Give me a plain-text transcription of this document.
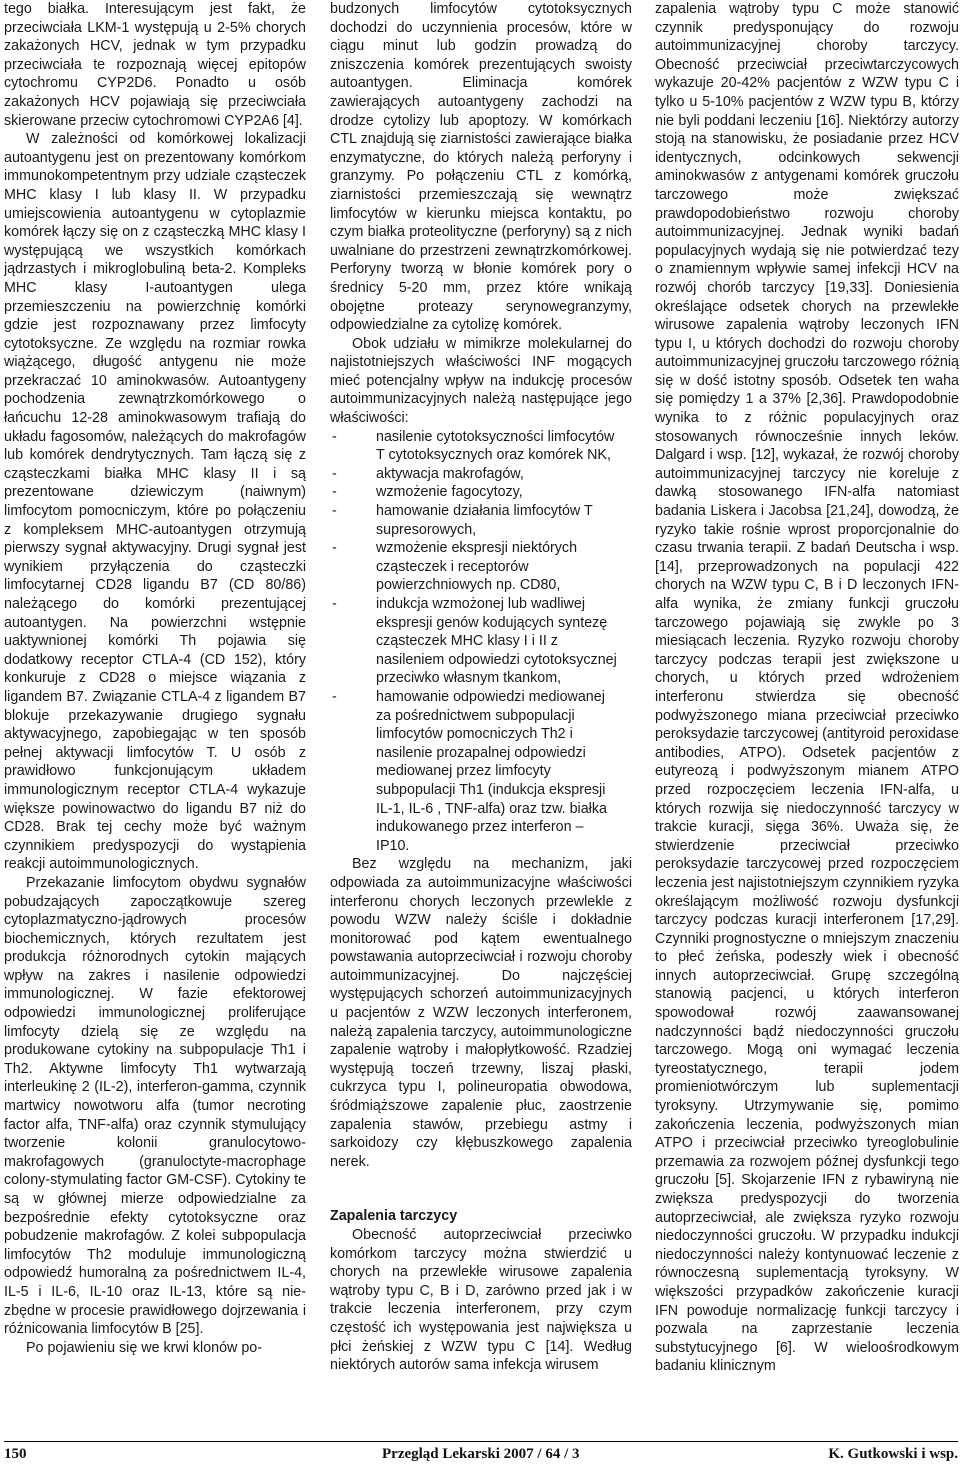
tego białka. Interesującym jest fakt, że przeciwciała LKM-1 występują u 2-5% chorych zakażonych HCV, jednak w tym przypadku przeciwciała te rozpoznają więcej epitopów cytochromu CYP2D6. Ponadto u osób zakażonych HCV pojawiają się przeciwciała skierowane przeciw cytochromowi CYP2A6 [4].

W zależności od komórkowej lokalizacji autoantygenu jest on prezentowany komórkom immunokompetentnym przy udziale cząsteczek MHC klasy I lub klasy II. W przypadku umiejscowienia autoantygenu w cytoplazmie komórek łączy się on z cząsteczką MHC klasy I występującą we wszystkich komórkach jądrzastych i mikroglobuliną beta-2. Kompleks MHC klasy I-autoantygen ulega przemieszczeniu na powierzchnię komórki gdzie jest rozpoznawany przez limfocyty cytotoksyczne. Ze względu na rozmiar rowka wiążącego, długość antygenu nie może przekraczać 10 aminokwasów. Autoantygeny pochodzenia zewnątrzkomórkowego o łańcuchu 12-28 aminokwasowym trafiają do układu fagosomów, należących do makrofagów lub komórek dendrytycznych. Tam łączą się z cząsteczkami białka MHC klasy II i są prezentowane dziewiczym (naiwnym) limfocytom pomocniczym, które po połączeniu z kompleksem MHC-autoantygen otrzymują pierwszy sygnał aktywacyjny. Drugi sygnał jest wynikiem przyłączenia do cząsteczki limfocytarnej CD28 ligandu B7 (CD 80/86) należącego do komórki prezentującej autoantygen. Na powierzchni wstępnie uaktywnionej komórki Th pojawia się dodatkowy receptor CTLA-4 (CD 152), który konkuruje z CD28 o miejsce wiązania z ligandem B7. Związanie CTLA-4 z ligandem B7 blokuje przekazywanie drugiego sygnału aktywacyjnego, zapobiegając w ten sposób pełnej aktywacji limfocytów T. U osób z prawidłowo funkcjonującym układem immunologicznym receptor CTLA-4 wykazuje większe powinowactwo do ligandu B7 niż do CD28. Brak tej cechy może być ważnym czynnikiem predyspozycji do wystąpienia reakcji autoimmunologicznych.

Przekazanie limfocytom obydwu sygnałów pobudzających zapoczątkowuje szereg cytoplazmatyczno-jądrowych procesów biochemicznych, których rezultatem jest produkcja różnorodnych cytokin mających wpływ na zakres i nasilenie odpowiedzi immunologicznej. W fazie efektorowej odpowiedzi immunologicznej proliferujące limfocyty dzielą się ze względu na produkowane cytokiny na subpopulacje Th1 i Th2. Aktywne limfocyty Th1 wytwarzają interleukinę 2 (IL-2), interferon-gamma, czynnik martwicy nowotworu alfa (tumor necroting factor alfa, TNF-alfa) oraz czynnik stymulujący tworzenie kolonii granulocytowo-makrofagowych (granuloctyte-macrophage colony-stymulating factor GM-CSF). Cytokiny te są w głównej mierze odpowiedzialne za bezpośrednie efekty cytotoksyczne oraz pobudzenie makrofagów. Z kolei subpopulacja limfocytów Th2 moduluje immunologiczną odpowiedź humoralną za pośrednictwem IL-4, IL-5 i IL-6, IL-10 oraz IL-13, które są nie-zbędne w procesie prawidłowego dojrzewania i różnicowania limfocytów B [25].

Po pojawieniu się we krwi klonów po-

budzonych limfocytów cytotoksycznych dochodzi do uczynnienia procesów, które w ciągu minut lub godzin prowadzą do zniszczenia komórek prezentujących swoisty autoantygen. Eliminacja komórek zawierających autoantygeny zachodzi na drodze cytolizy lub apoptozy. W komórkach CTL znajdują się ziarnistości zawierające białka enzymatyczne, do których należą perforyny i granzymy. Po połączeniu CTL z komórką, ziarnistości przemieszczają się wewnątrz limfocytów w kierunku miejsca kontaktu, po czym białka proteolityczne (perforyny) są z nich uwalniane do przestrzeni zewnątrzkomórkowej. Perforyny tworzą w błonie komórek pory o średnicy 5-20 mm, przez które wnikają obojętne proteazy serynowegranzymy, odpowiedzialne za cytolizę komórek.

Obok udziału w mimikrze molekularnej do najistotniejszych właściwości INF mogących mieć potencjalny wpływ na indukcję procesów autoimmunizacyjnych należą następujące jego właściwości:

- nasilenie cytotoksyczności limfocytów T cytotoksycznych oraz komórek NK,
- aktywacja makrofagów,
- wzmożenie fagocytozy,
- hamowanie działania limfocytów T supresorowych,
- wzmożenie ekspresji niektórych cząsteczek i receptorów powierzchniowych np. CD80,
- indukcja wzmożonej lub wadliwej ekspresji genów kodujących syntezę cząsteczek MHC klasy I i II z nasileniem odpowiedzi cytotoksycznej przeciwko własnym tkankom,
- hamowanie odpowiedzi mediowanej za pośrednictwem subpopulacji limfocytów pomocniczych Th2 i nasilenie prozapalnej odpowiedzi mediowanej przez limfocyty subpopulacji Th1 (indukcja ekspresji IL-1, IL-6 , TNF-alfa) oraz tzw. białka indukowanego przez interferon – IP10.

Bez względu na mechanizm, jaki odpowiada za autoimmunizacyjne właściwości interferonu chorych leczonych przewlekle z powodu WZW należy ściśle i dokładnie monitorować pod kątem ewentualnego powstawania autoprzeciwciał i rozwoju choroby autoimmunizacyjnej. Do najczęściej występujących schorzeń autoimmunizacyjnych u pacjentów z WZW leczonych interferonem, należą zapalenia tarczycy, autoimmunologiczne zapalenie wątroby i małopłytkowość. Rzadziej występują toczeń trzewny, liszaj płaski, cukrzyca typu I, polineuropatia obwodowa, śródmiąższowe zapalenie płuc, zaostrzenie zapalenia stawów, przebiegu astmy i sarkoidozy czy kłębuszkowego zapalenia nerek.

Zapalenia tarczycy

Obecność autoprzeciwciał przeciwko komórkom tarczycy można stwierdzić u chorych na przewlekłe wirusowe zapalenia wątroby typu C, B i D, zarówno przed jak i w trakcie leczenia interferonem, przy czym częstość ich występowania jest największa u płci żeńskiej z WZW typu C [14]. Według niektórych autorów sama infekcja wirusem

zapalenia wątroby typu C może stanowić czynnik predysponujący do rozwoju autoimmunizacyjnej choroby tarczycy. Obecność przeciwciał przeciwtarczycowych wykazuje 20-42% pacjentów z WZW typu C i tylko u 5-10% pacjentów z WZW typu B, którzy nie byli poddani leczeniu [16]. Niektórzy autorzy stoją na stanowisku, że posiadanie przez HCV identycznych, odcinkowych sekwencji aminokwasów z antygenami komórek gruczołu tarczowego może zwiększać prawdopodobieństwo rozwoju choroby autoimmunizacyjnej. Jednak wyniki badań populacyjnych wydają się nie potwierdzać tezy o znamiennym wpływie samej infekcji HCV na rozwój chorób tarczycy [19,33]. Doniesienia określające odsetek chorych na przewlekłe wirusowe zapalenia wątroby leczonych IFN typu I, u których dochodzi do rozwoju choroby autoimmunizacyjnej gruczołu tarczowego różnią się w dość istotny sposób. Odsetek ten waha się pomiędzy 1 a 37% [2,36]. Prawdopodobnie wynika to z różnic populacyjnych oraz stosowanych równocześnie innych leków. Dalgard i wsp. [12], wykazał, że rozwój choroby autoimmunizacyjnej tarczycy nie koreluje z dawką stosowanego IFN-alfa natomiast badania Liskera i Jacobsa [21,24], dowodzą, że ryzyko takie rośnie wprost proporcjonalnie do czasu trwania terapii. Z badań Deutscha i wsp. [14], przeprowadzonych na populacji 422 chorych na WZW typu C, B i D leczonych IFN-alfa wynika, że zmiany funkcji gruczołu tarczowego pojawiają się zwykle po 3 miesiącach leczenia. Ryzyko rozwoju choroby tarczycy podczas terapii jest zwiększone u chorych, u których przed wdrożeniem interferonu stwierdza się obecność podwyższonego miana przeciwciał przeciwko peroksydazie tarczycowej (antityroid peroxidase antibodies, ATPO). Odsetek pacjentów z eutyreozą i podwyższonym mianem ATPO przed rozpoczęciem leczenia IFN-alfa, u których rozwija się niedoczynność tarczycy w trakcie kuracji, sięga 36%. Uważa się, że stwierdzenie przeciwciał przeciwko peroksydazie tarczycowej przed rozpoczęciem leczenia jest najistotniejszym czynnikiem ryzyka określającym możliwość rozwoju dysfunkcji tarczycy podczas kuracji interferonem [17,29]. Czynniki prognostyczne o mniejszym znaczeniu to płeć żeńska, podeszły wiek i obecność innych autoprzeciwciał. Grupę szczególną stanowią pacjenci, u których interferon spowodował rozwój zaawansowanej nadczynności bądź niedoczynności gruczołu tarczowego. Mogą oni wymagać leczenia tyreostatycznego, terapii jodem promieniotwórczym lub suplementacji tyroksyny. Utrzymywanie się, pomimo zakończenia leczenia, podwyższonych mian ATPO i przeciwciał przeciwko tyreoglobulinie przemawia za rozwojem późnej dysfunkcji tego gruczołu [5]. Skojarzenie IFN z rybawiryną nie zwiększa predyspozycji do tworzenia autoprzeciwciał, ale zwiększa ryzyko rozwoju niedoczynności gruczołu. W przypadku indukcji niedoczynności należy kontynuować leczenie z równoczesną suplementacją tyroksyny. W większości przypadków zakończenie kuracji IFN powoduje normalizację funkcji tarczycy i pozwala na zaprzestanie leczenia substytucyjnego [6]. W wieloośrodkowym badaniu klinicznym

150	Przegląd Lekarski 2007 / 64 / 3	K. Gutkowski i wsp.
